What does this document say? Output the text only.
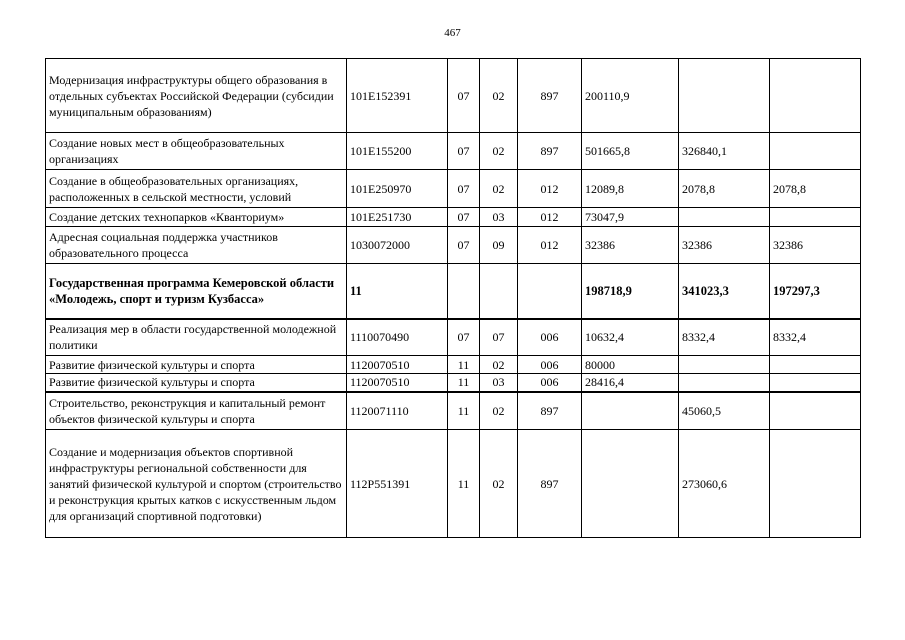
467
Модернизация инфраструктуры общего образования в отдельных субъектах Российской Федерации (субсидии муниципальным образованиям)	101E152391	07	02	897	200110,9		
Создание новых мест в общеобразовательных организациях	101E155200	07	02	897	501665,8	326840,1	
Создание в общеобразовательных организациях, расположенных в сельской местности, условий	101E250970	07	02	012	12089,8	2078,8	2078,8
Создание детских технопарков «Кванториум»	101E251730	07	03	012	73047,9		
Адресная социальная поддержка участников образовательного процесса	1030072000	07	09	012	32386	32386	32386
Государственная программа Кемеровской области «Молодежь, спорт и туризм Кузбасса»	11				198718,9	341023,3	197297,3
Реализация мер в области государственной молодежной политики	1110070490	07	07	006	10632,4	8332,4	8332,4
Развитие физической культуры и спорта	1120070510	11	02	006	80000		
Развитие физической культуры и спорта	1120070510	11	03	006	28416,4		
Строительство, реконструкция и капитальный ремонт объектов физической культуры и спорта	1120071110	11	02	897		45060,5	
Создание и модернизация объектов спортивной инфраструктуры региональной собственности для занятий физической культурой и спортом (строительство и реконструкция крытых катков с искусственным льдом для организаций спортивной подготовки)	112P551391	11	02	897		273060,6	
